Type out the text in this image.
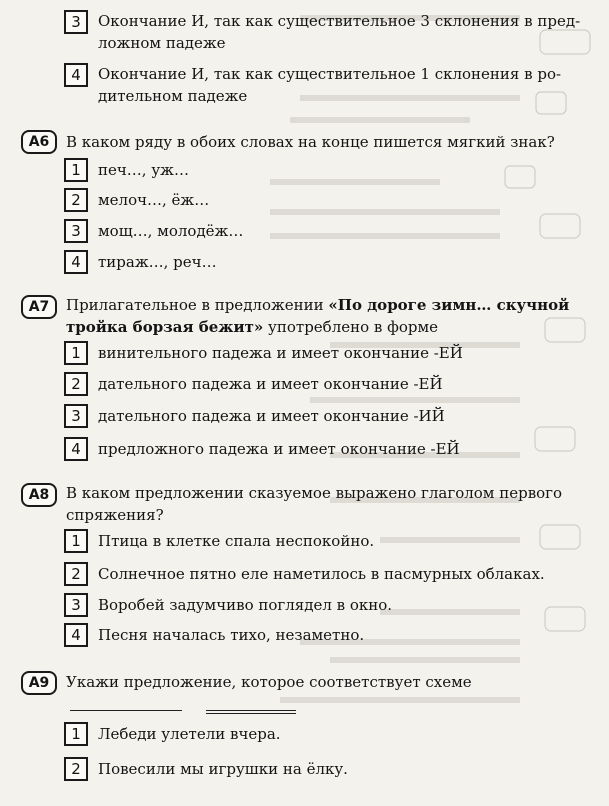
3	Окончание И, так как существительное 3 склонения в пред-
ложном падеже
4	Окончание И, так как существительное 1 склонения в ро-
дительном падеже
А6	В каком ряду в обоих словах на конце пишется мягкий знак?
1	печ…, уж…
2	мелоч…, ёж…
3	мощ…, молодёж…
4	тираж…, реч…
А7	Прилагательное в предложении «По дороге зимн… скучной
тройка борзая бежит» употреблено в форме
1	винительного падежа и имеет окончание -ЕЙ
2	дательного падежа и имеет окончание -ЕЙ
3	дательного падежа и имеет окончание -ИЙ
4	предложного падежа и имеет окончание -ЕЙ
А8	В каком предложении сказуемое выражено глаголом первого
спряжения?
1	Птица в клетке спала неспокойно.
2	Солнечное пятно еле наметилось в пасмурных облаках.
3	Воробей задумчиво поглядел в окно.
4	Песня началась тихо, незаметно.
А9	Укажи предложение, которое соответствует схеме
1	Лебеди улетели вчера.
2	Повесили мы игрушки на ёлку.
